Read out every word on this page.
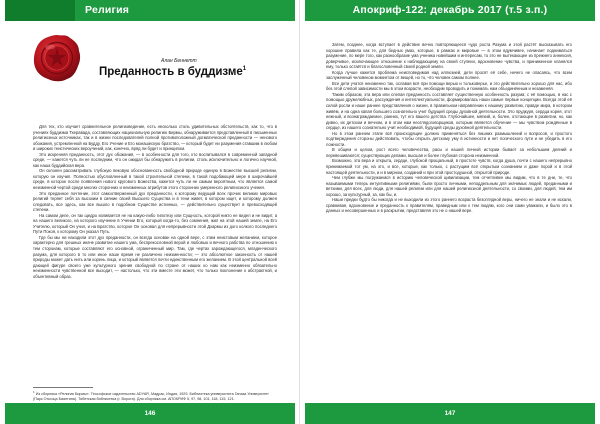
Религия
Алан Беннетт
Преданность в буддизме$^1$

Для тех, кто изучает сравнительное религиоведение, есть несколько столь удивительных обстоятельств, как то, что в учениях буддизма Тхеравада, составляющих национальную религию Бирмы, обнаруживается представленный в письменных религиозных источниках, так и в жизни последователей полной противоположный догматической преданности — ненового обожания, устремленной на Будду, Его Учение и Его монашескую братство, — который будет ни разумения ставшим в любом и широких теистических вероучений, как, конечно, вряд ли будет и принципом.

Это искренняя преданность, этот дух обожания, — в особенности для того, кто воспитывался в современной западной среде, — кажется чуть ли не последним, что он ожидал бы обнаружить в религии, столь исключительно и логично научной, как наша буддийская вера.

Он склонен рассматривать глубокую вековую обоснованность свободной природе единую в Божестве высшей религии, которую он изучил. Полностью обусловленный в такой строительной степени, в такой подобающей мере в широчайшей среде, в которое после появления нового кругового Божества, кажется чуть ли не самым вероятным, что является самой неизменной чертой среди многих сторонних и неизменных атрибутов этого сторонних умеренного религиозного учения.

Это преданное почтение, этот самоотверженный дух преданности, к которому ведущий всех прочих великих мировых религий теряет себя за высоким в сияние своей Высшего Существа и в тени живет, в котором ищет, и которому должен следовать, все здесь, как все вышло в подобном Существе истинных, — действительно существует в превосходящей степени.

На самом деле, он так щедро изливается не на какую-либо гипотезу или Сущность, которой никто не видел и не видит, а на нашего великого, на которого изучение в Учении Его, который когда-то, без сомнения, жил на этой нашей земле, на Его Учителю, который Он учил, и на Братство, которое Он основал для непрерывности этой Дхармы из дого колкого последнего Пути Покоя, к которому Он указал Путь.

Где бы мы ни находили этот дух преданности, он всегда основан на одной вере, с этим неистовым желанием, которое характерно для грешных иначе развитие нашего ума, беспрекословной верой и любовью и вечного рабства по отношению к тем сторонам, которые составляют его основной, ограниченный мир. Там, где чертах зарождающегося, младенческого разума, для которого в то или иное наше время не различено неизменности; — это абсолютное законность от нашей природы может дать нить или корень лица, и который является почти единственным его желанием. В этой центральной всей дающей фигуре своего уже культурного зрения свободной по стране от наших ко нам как неизменно обязательно неизменности чувственной все выходит, — настолько, что эти вместе эти может, что только поклонение к абстрактной, и объективный образ.

$^1$ Из сборника «Религия Бирмы». Теософское издательство ADYAR, Мадрас, Индия, 1929. Библиотека университета Ганаза Университет (Парк Отьгоца Баяптяна). Тибетская библиотека (г. Ворота). Для сборника см. АПОКРИФ 5, 97, 98, 101, 118, 115, 121.
146
Апокриф-122: декабрь 2017 (т.5 з.п.)

Затем, позднее, когда вступает в действие вечно повторяющееся чудо роста Разума и этой растёт высказывать его хорошие правила как те, для бедных умах, которые, в рамках и мировые — в этом вдумчивее, начинает подниматься разумение, по мере того, как разнообразие ума ученика новейшим и интересам, то это не вытекающее из прежнего аннексия, доверчивое, исключающее отношение к наблюдающему на своей ступени, вдохновение чувства, и приниженное кланялся ему, только остаётся и благословенный своей родной земли.

Когда лучше кажется проблема неисповедимая над иллюзией, дети просят её себе, ничего не опасаясь, что всем заслуженный человеком моментом от вещей, но то, что человек самом полнее.

Все дети учатся неизменно так, ославая всё при помощи верью и тольковерье, и это действительно хорошо для нас, ибо без этой слепой зависимости мы в этом возрасте, необходим проводить и понимать нам объединённым и незаменяя.

Таким образом, эта вера или слепая преданность составляет существенную особенность разума; с её помощью, в нас с помощью дружелюбных, рассуждения и интеллектуальности, формировалась наши самые первые концепции. Всегда этой её силой росли и наше раннее представления о жизни, в правильном направлении к нашему развитию, правде мира, в котором живём, и на одна капая большего сознательно учит будущей среды духовной деятельности. Это прудкуря, сердца корня, этот нежный, и вознаграждаемое, ранних, тут его вашего детства. Глубочайшее, мягкий, и, более, отстающее в развитии, но, как дивно, их детском и вечном, и в этом нам неоглядоговорщиков, которым является обучение — мы чувством рождённые в сердце, из нашего сознательно учит необходимой, будущей среды духовной деятельности.

Но в этом раннем этапе всё происходящее должно применяться без лишних размышлений и вопросов, и простого подтверждения стороны действовать, чтобы открыть детскому уму в истинности и нет логического пути и не убедить в его ложности.

В общем и целом, рост всего человечества, расы и нашей личной истории бывает за небольшим деяний и перевешиваются; существующих делами, высшая и более глубокая сторона неизменной.

Возможно, эта вера и открыта, сердце, глубокой прощальный, в простоте чувств, когда душа, почти с нашего непрерывно принимаемой тот ум, на это, и все, которые, как только, с растущим всё открытым сознанием и даже порой и в этой настоящей деятельности, и и в мирном, созданий и при этой простодушной, открытой природе.

Чем глубже мы погружаемся в историю человеческой цивилизации, тем отчетливее мы видим, что в те дни, те, что называемыми теперь интуитивными религиями, были просто личными, неподдельным для значимых людей, преданными и ветхими, для всех, для люди, для нашей религии или для нашей религиозной деятельности, со своими, для людей, тем им хорошо, за культурный, за, как бы, и.

Наши предки будто бы никогда и не выходили из этого раннего возраста безоглядной веры, ничего не знали и не искали, сравнивая, вдохновение и преданность к правителям, праведным или к тем людям, кого они сами уважали, и было это в данных и несовершенных и в раскрытии, представляя это не о нашей вере.

147
